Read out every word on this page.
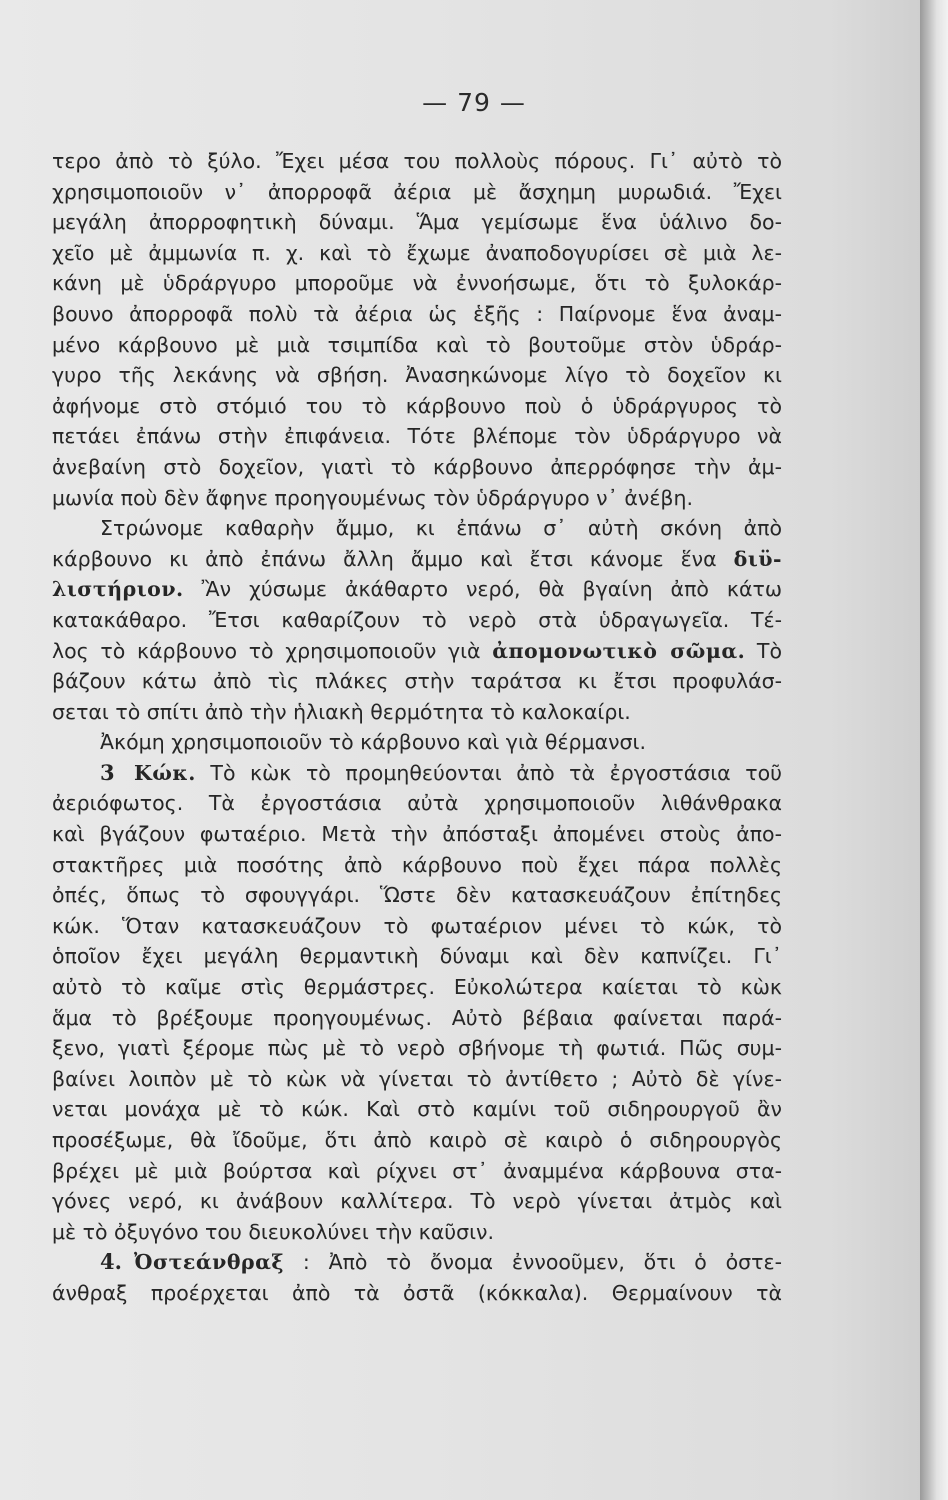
— 79 —
τερο ἀπὸ τὸ ξύλο. Ἔχει μέσα του πολλοὺς πόρους. Γι᾽ αὐτὸ τὸ
χρησιμοποιοῦν ν᾽ ἀπορροφᾶ ἀέρια μὲ ἄσχημη μυρωδιά. Ἔχει
μεγάλη ἀπορροφητικὴ δύναμι. Ἅμα γεμίσωμε ἕνα ὑάλινο δο-
χεῖο μὲ ἀμμωνία π. χ. καὶ τὸ ἔχωμε ἀναποδογυρίσει σὲ μιὰ λε-
κάνη μὲ ὑδράργυρο μποροῦμε νὰ ἐννοήσωμε, ὅτι τὸ ξυλοκάρ-
βουνο ἀπορροφᾶ πολὺ τὰ ἀέρια ὡς ἑξῆς : Παίρνομε ἕνα ἀναμ-
μένο κάρβουνο μὲ μιὰ τσιμπίδα καὶ τὸ βουτοῦμε στὸν ὑδράρ-
γυρο τῆς λεκάνης νὰ σβήση. Ἀνασηκώνομε λίγο τὸ δοχεῖον κι
ἀφήνομε στὸ στόμιό του τὸ κάρβουνο ποὺ ὁ ὑδράργυρος τὸ
πετάει ἐπάνω στὴν ἐπιφάνεια. Τότε βλέπομε τὸν ὑδράργυρο νὰ
ἀνεβαίνη στὸ δοχεῖον, γιατὶ τὸ κάρβουνο ἀπερρόφησε τὴν ἀμ-
μωνία ποὺ δὲν ἄφηνε προηγουμένως τὸν ὑδράργυρο ν᾽ ἀνέβη.
Στρώνομε καθαρὴν ἄμμο, κι ἐπάνω σ᾽ αὐτὴ σκόνη ἀπὸ
κάρβουνο κι ἀπὸ ἐπάνω ἄλλη ἄμμο καὶ ἔτσι κάνομε ἕνα διϋ-
λιστήριον. Ἂν χύσωμε ἀκάθαρτο νερό, θὰ βγαίνη ἀπὸ κάτω
κατακάθαρο. Ἔτσι καθαρίζουν τὸ νερὸ στὰ ὑδραγωγεῖα. Τέ-
λος τὸ κάρβουνο τὸ χρησιμοποιοῦν γιὰ ἀπομονωτικὸ σῶμα. Τὸ
βάζουν κάτω ἀπὸ τὶς πλάκες στὴν ταράτσα κι ἔτσι προφυλάσ-
σεται τὸ σπίτι ἀπὸ τὴν ἡλιακὴ θερμότητα τὸ καλοκαίρι.
Ἀκόμη χρησιμοποιοῦν τὸ κάρβουνο καὶ γιὰ θέρμανσι.
3 Κώκ. Τὸ κὼκ τὸ προμηθεύονται ἀπὸ τὰ ἐργοστάσια τοῦ
ἀεριόφωτος. Τὰ ἐργοστάσια αὐτὰ χρησιμοποιοῦν λιθάνθρακα
καὶ βγάζουν φωταέριο. Μετὰ τὴν ἀπόσταξι ἀπομένει στοὺς ἀπο-
στακτῆρες μιὰ ποσότης ἀπὸ κάρβουνο ποὺ ἔχει πάρα πολλὲς
ὀπές, ὅπως τὸ σφουγγάρι. Ὥστε δὲν κατασκευάζουν ἐπίτηδες
κώκ. Ὅταν κατασκευάζουν τὸ φωταέριον μένει τὸ κώκ, τὸ
ὁποῖον ἔχει μεγάλη θερμαντικὴ δύναμι καὶ δὲν καπνίζει. Γι᾽
αὐτὸ τὸ καῖμε στὶς θερμάστρες. Εὐκολώτερα καίεται τὸ κὼκ
ἅμα τὸ βρέξουμε προηγουμένως. Αὐτὸ βέβαια φαίνεται παρά-
ξενο, γιατὶ ξέρομε πὼς μὲ τὸ νερὸ σβήνομε τὴ φωτιά. Πῶς συμ-
βαίνει λοιπὸν μὲ τὸ κὼκ νὰ γίνεται τὸ ἀντίθετο ; Αὐτὸ δὲ γίνε-
νεται μονάχα μὲ τὸ κώκ. Καὶ στὸ καμίνι τοῦ σιδηρουργοῦ ἂν
προσέξωμε, θὰ ἴδοῦμε, ὅτι ἀπὸ καιρὸ σὲ καιρὸ ὁ σιδηρουργὸς
βρέχει μὲ μιὰ βούρτσα καὶ ρίχνει στ᾽ ἀναμμένα κάρβουνα στα-
γόνες νερό, κι ἀνάβουν καλλίτερα. Τὸ νερὸ γίνεται ἀτμὸς καὶ
μὲ τὸ ὀξυγόνο του διευκολύνει τὴν καῦσιν.
4. Ὀστεάνθραξ : Ἀπὸ τὸ ὄνομα ἐννοοῦμεν, ὅτι ὁ ὀστε-
άνθραξ προέρχεται ἀπὸ τὰ ὀστᾶ (κόκκαλα). Θερμαίνουν τὰ
